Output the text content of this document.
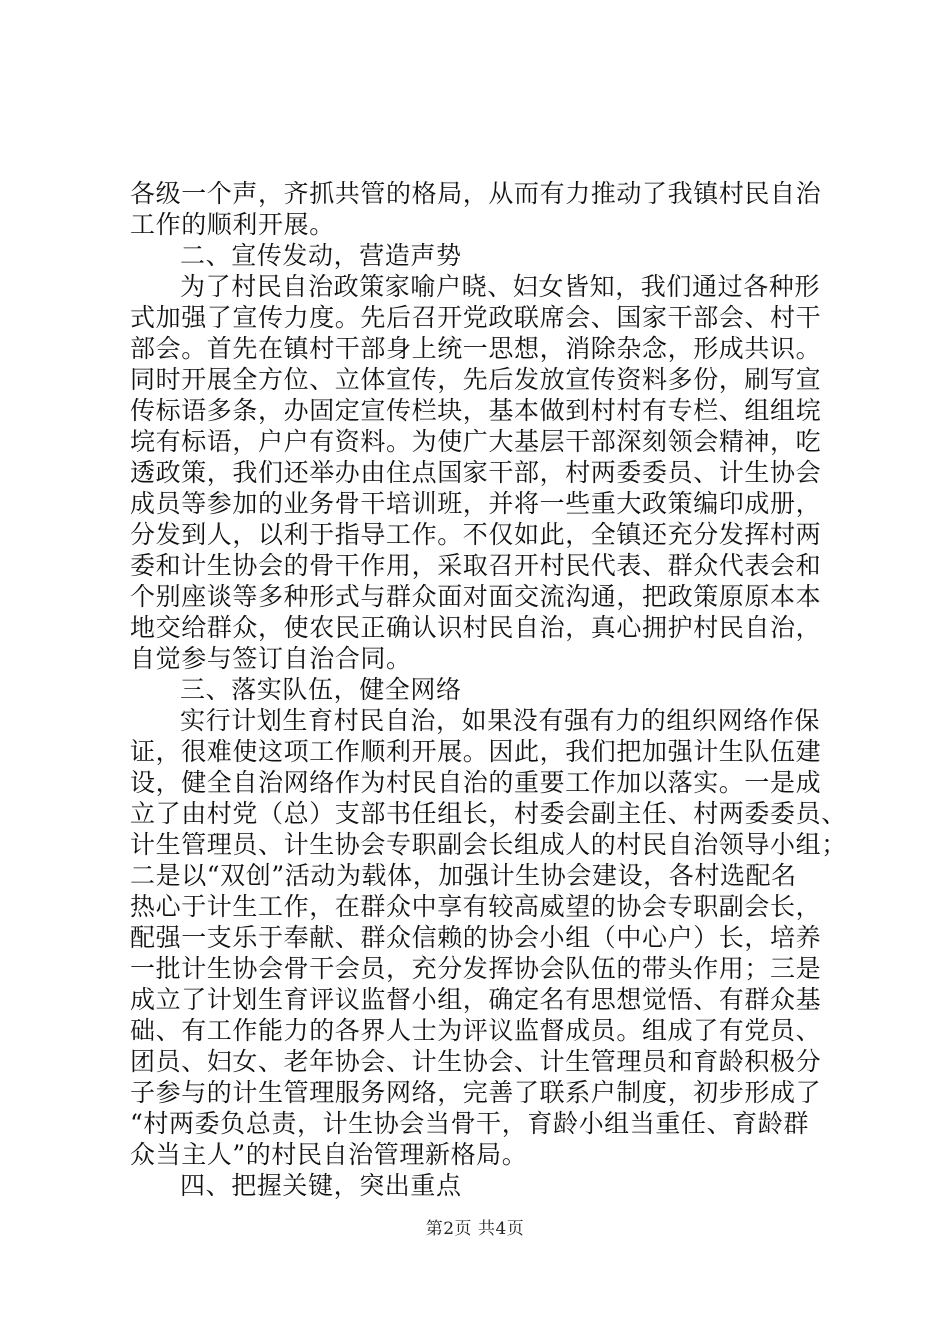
各级一个声，齐抓共管的格局，从而有力推动了我镇村民自治
工作的顺利开展。
二、宣传发动，营造声势
为了村民自治政策家喻户晓、妇女皆知，我们通过各种形
式加强了宣传力度。先后召开党政联席会、国家干部会、村干
部会。首先在镇村干部身上统一思想，消除杂念，形成共识。
同时开展全方位、立体宣传，先后发放宣传资料多份，刷写宣
传标语多条，办固定宣传栏块，基本做到村村有专栏、组组垸
垸有标语，户户有资料。为使广大基层干部深刻领会精神，吃
透政策，我们还举办由住点国家干部，村两委委员、计生协会
成员等参加的业务骨干培训班，并将一些重大政策编印成册，
分发到人，以利于指导工作。不仅如此，全镇还充分发挥村两
委和计生协会的骨干作用，采取召开村民代表、群众代表会和
个别座谈等多种形式与群众面对面交流沟通，把政策原原本本
地交给群众，使农民正确认识村民自治，真心拥护村民自治，
自觉参与签订自治合同。
三、落实队伍，健全网络
实行计划生育村民自治，如果没有强有力的组织网络作保
证，很难使这项工作顺利开展。因此，我们把加强计生队伍建
设，健全自治网络作为村民自治的重要工作加以落实。一是成
立了由村党（总）支部书任组长，村委会副主任、村两委委员、
计生管理员、计生协会专职副会长组成人的村民自治领导小组；
二是以“双创”活动为载体，加强计生协会建设，各村选配名
热心于计生工作，在群众中享有较高威望的协会专职副会长，
配强一支乐于奉献、群众信赖的协会小组（中心户）长，培养
一批计生协会骨干会员，充分发挥协会队伍的带头作用；三是
成立了计划生育评议监督小组，确定名有思想觉悟、有群众基
础、有工作能力的各界人士为评议监督成员。组成了有党员、
团员、妇女、老年协会、计生协会、计生管理员和育龄积极分
子参与的计生管理服务网络，完善了联系户制度，初步形成了
“村两委负总责，计生协会当骨干，育龄小组当重任、育龄群
众当主人”的村民自治管理新格局。
四、把握关键，突出重点
第2页 共4页
